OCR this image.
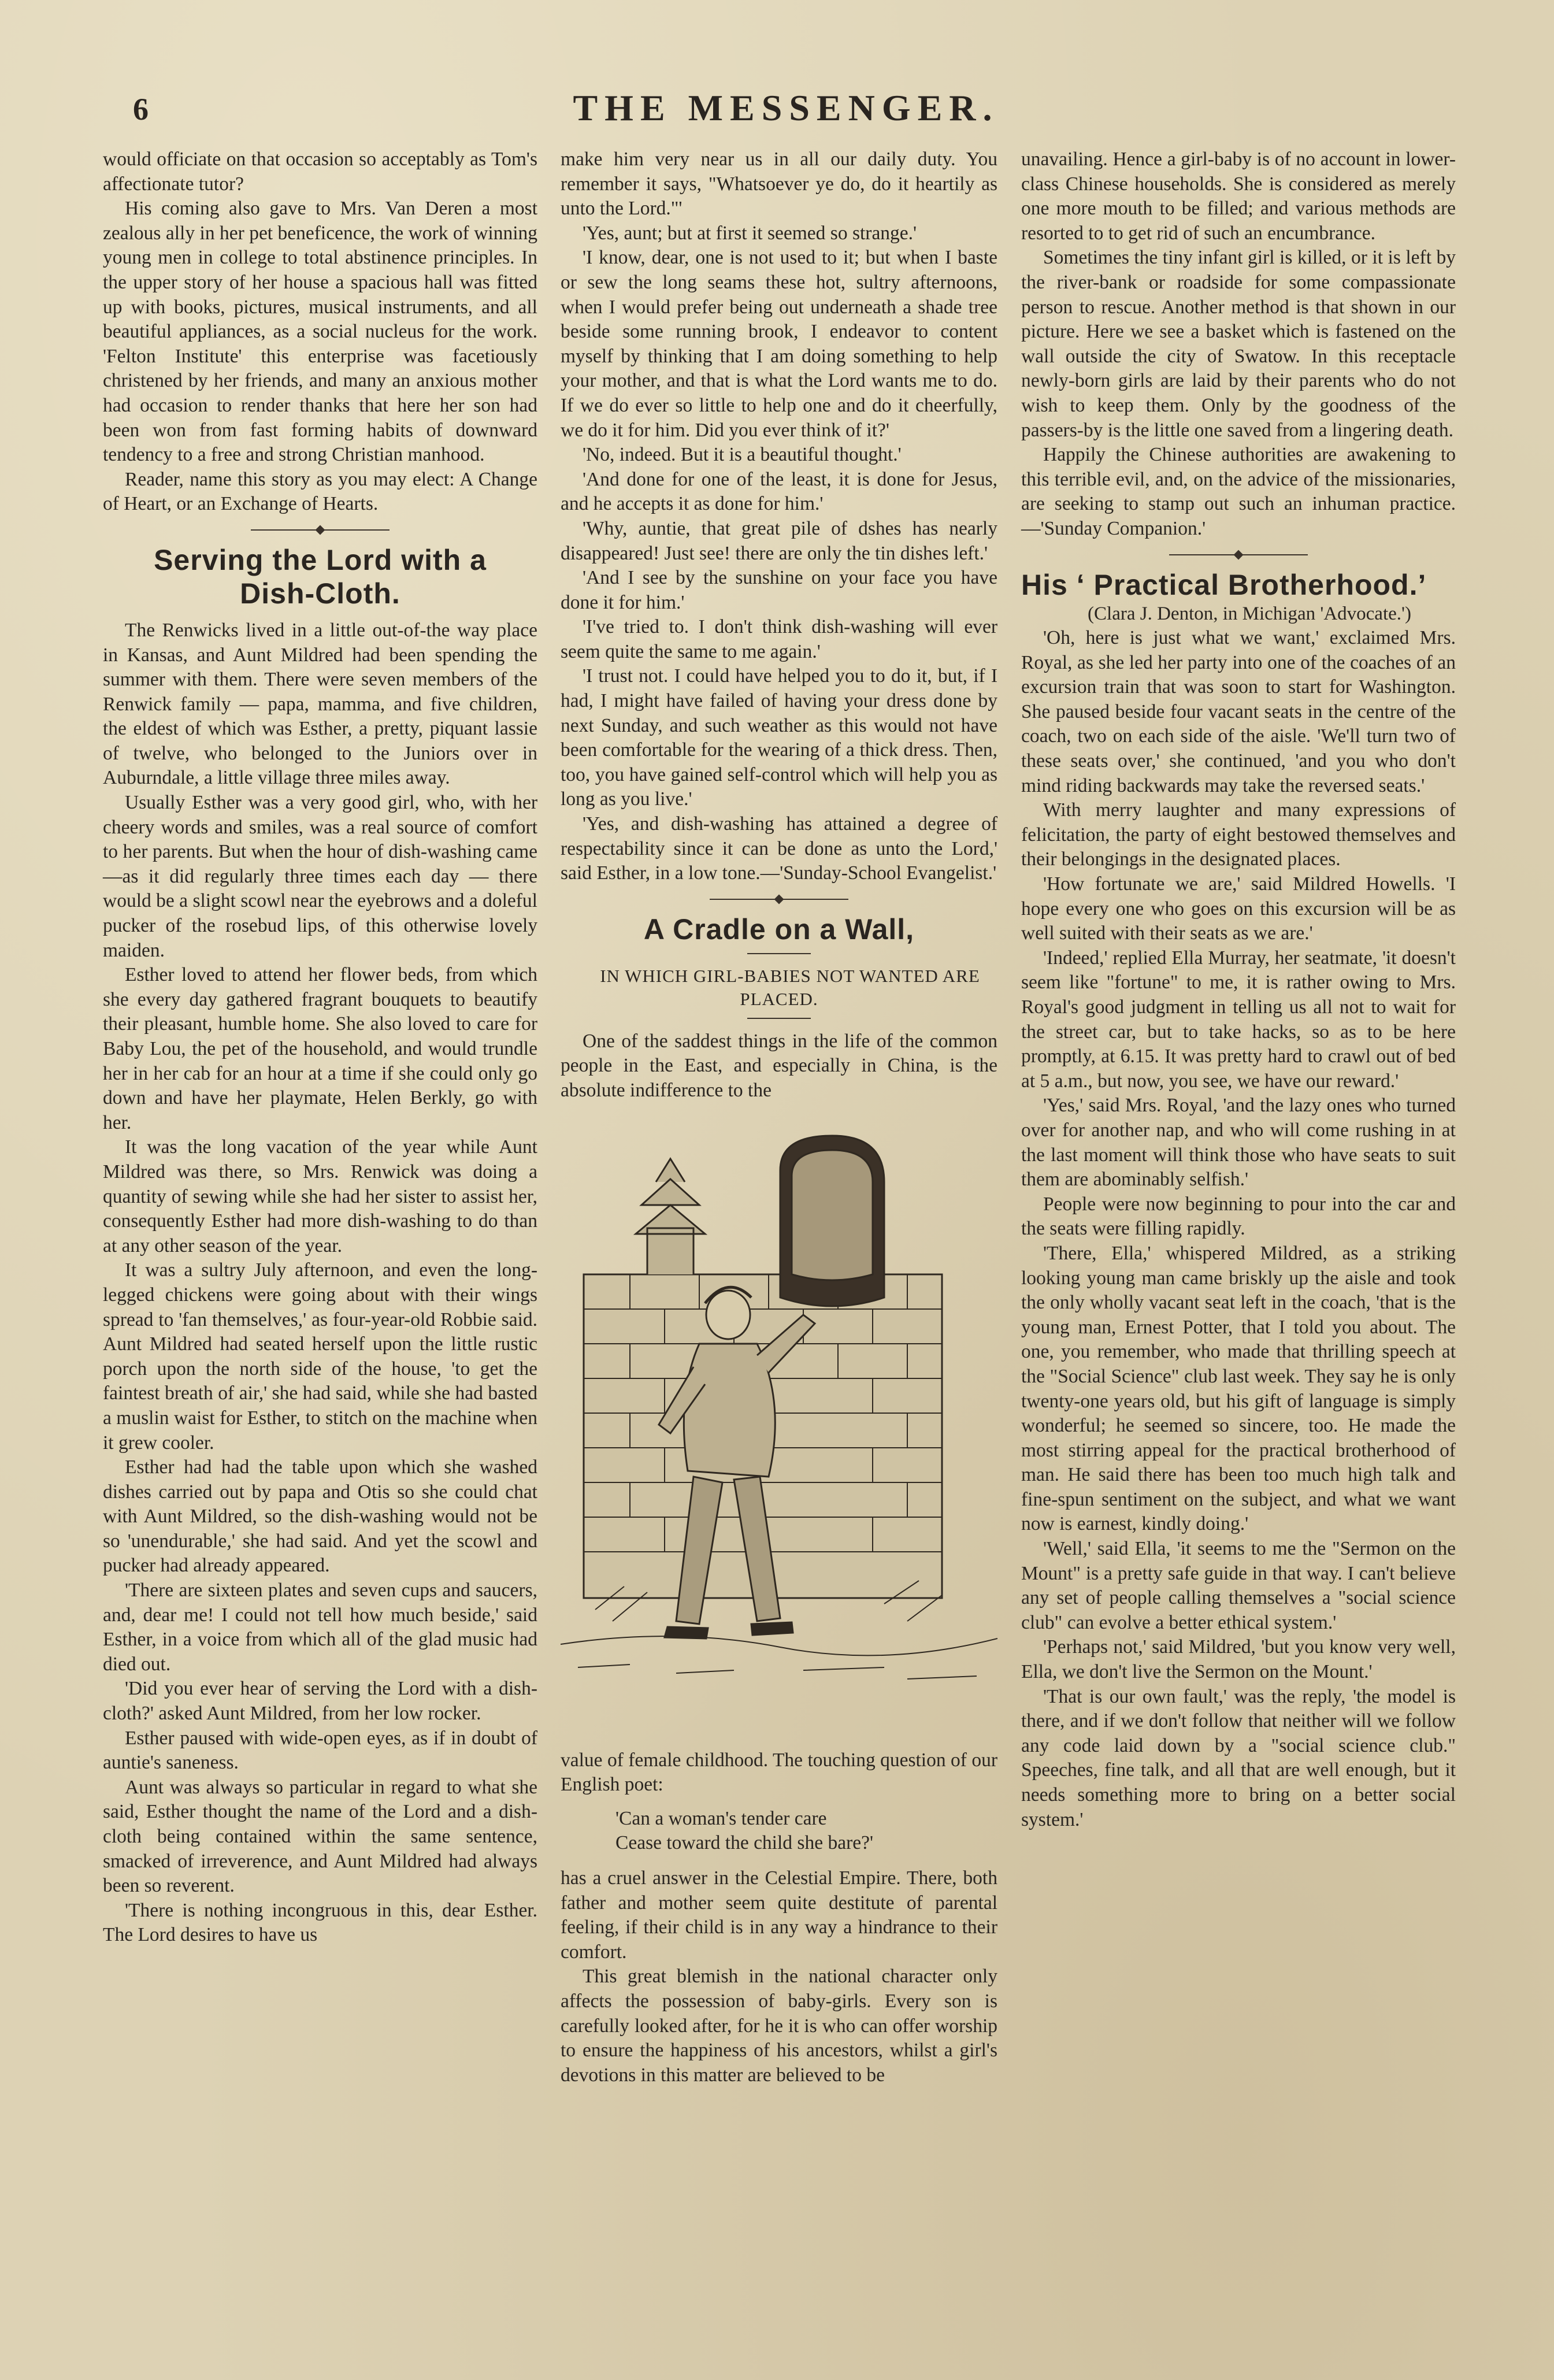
6	THE MESSENGER.

would officiate on that occasion so acceptably as Tom's affectionate tutor?

His coming also gave to Mrs. Van Deren a most zealous ally in her pet beneficence, the work of winning young men in college to total abstinence principles. In the upper story of her house a spacious hall was fitted up with books, pictures, musical instruments, and all beautiful appliances, as a social nucleus for the work. 'Felton Institute' this enterprise was facetiously christened by her friends, and many an anxious mother had occasion to render thanks that here her son had been won from fast forming habits of downward tendency to a free and strong Christian manhood.

Reader, name this story as you may elect: A Change of Heart, or an Exchange of Hearts.

Serving the Lord with a Dish-Cloth.

The Renwicks lived in a little out-of-the way place in Kansas, and Aunt Mildred had been spending the summer with them. There were seven members of the Renwick family — papa, mamma, and five children, the eldest of which was Esther, a pretty, piquant lassie of twelve, who belonged to the Juniors over in Auburndale, a little village three miles away.

Usually Esther was a very good girl, who, with her cheery words and smiles, was a real source of comfort to her parents. But when the hour of dish-washing came—as it did regularly three times each day — there would be a slight scowl near the eyebrows and a doleful pucker of the rosebud lips, of this otherwise lovely maiden.

Esther loved to attend her flower beds, from which she every day gathered fragrant bouquets to beautify their pleasant, humble home. She also loved to care for Baby Lou, the pet of the household, and would trundle her in her cab for an hour at a time if she could only go down and have her playmate, Helen Berkly, go with her.

It was the long vacation of the year while Aunt Mildred was there, so Mrs. Renwick was doing a quantity of sewing while she had her sister to assist her, consequently Esther had more dish-washing to do than at any other season of the year.

It was a sultry July afternoon, and even the long-legged chickens were going about with their wings spread to 'fan themselves,' as four-year-old Robbie said. Aunt Mildred had seated herself upon the little rustic porch upon the north side of the house, 'to get the faintest breath of air,' she had said, while she had basted a muslin waist for Esther, to stitch on the machine when it grew cooler.

Esther had had the table upon which she washed dishes carried out by papa and Otis so she could chat with Aunt Mildred, so the dish-washing would not be so 'unendurable,' she had said. And yet the scowl and pucker had already appeared.

'There are sixteen plates and seven cups and saucers, and, dear me! I could not tell how much beside,' said Esther, in a voice from which all of the glad music had died out.

'Did you ever hear of serving the Lord with a dish-cloth?' asked Aunt Mildred, from her low rocker.

Esther paused with wide-open eyes, as if in doubt of auntie's saneness.

Aunt was always so particular in regard to what she said, Esther thought the name of the Lord and a dish-cloth being contained within the same sentence, smacked of irreverence, and Aunt Mildred had always been so reverent.

'There is nothing incongruous in this, dear Esther. The Lord desires to have us

make him very near us in all our daily duty. You remember it says, "Whatsoever ye do, do it heartily as unto the Lord."'

'Yes, aunt; but at first it seemed so strange.'

'I know, dear, one is not used to it; but when I baste or sew the long seams these hot, sultry afternoons, when I would prefer being out underneath a shade tree beside some running brook, I endeavor to content myself by thinking that I am doing something to help your mother, and that is what the Lord wants me to do. If we do ever so little to help one and do it cheerfully, we do it for him. Did you ever think of it?'

'No, indeed. But it is a beautiful thought.'

'And done for one of the least, it is done for Jesus, and he accepts it as done for him.'

'Why, auntie, that great pile of dshes has nearly disappeared! Just see! there are only the tin dishes left.'

'And I see by the sunshine on your face you have done it for him.'

'I've tried to. I don't think dish-washing will ever seem quite the same to me again.'

'I trust not. I could have helped you to do it, but, if I had, I might have failed of having your dress done by next Sunday, and such weather as this would not have been comfortable for the wearing of a thick dress. Then, too, you have gained self-control which will help you as long as you live.'

'Yes, and dish-washing has attained a degree of respectability since it can be done as unto the Lord,' said Esther, in a low tone.—'Sunday-School Evangelist.'

A Cradle on a Wall,

IN WHICH GIRL-BABIES NOT WANTED ARE PLACED.

One of the saddest things in the life of the common people in the East, and especially in China, is the absolute indifference to the

value of female childhood. The touching question of our English poet:

'Can a woman's tender care

Cease toward the child she bare?'

has a cruel answer in the Celestial Empire. There, both father and mother seem quite destitute of parental feeling, if their child is in any way a hindrance to their comfort.

This great blemish in the national character only affects the possession of baby-girls. Every son is carefully looked after, for he it is who can offer worship to ensure the happiness of his ancestors, whilst a girl's devotions in this matter are believed to be

unavailing. Hence a girl-baby is of no account in lower-class Chinese households. She is considered as merely one more mouth to be filled; and various methods are resorted to to get rid of such an encumbrance.

Sometimes the tiny infant girl is killed, or it is left by the river-bank or roadside for some compassionate person to rescue. Another method is that shown in our picture. Here we see a basket which is fastened on the wall outside the city of Swatow. In this receptacle newly-born girls are laid by their parents who do not wish to keep them. Only by the goodness of the passers-by is the little one saved from a lingering death.

Happily the Chinese authorities are awakening to this terrible evil, and, on the advice of the missionaries, are seeking to stamp out such an inhuman practice.—'Sunday Companion.'

His ‘ Practical Brotherhood.’

(Clara J. Denton, in Michigan 'Advocate.')

'Oh, here is just what we want,' exclaimed Mrs. Royal, as she led her party into one of the coaches of an excursion train that was soon to start for Washington. She paused beside four vacant seats in the centre of the coach, two on each side of the aisle. 'We'll turn two of these seats over,' she continued, 'and you who don't mind riding backwards may take the reversed seats.'

With merry laughter and many expressions of felicitation, the party of eight bestowed themselves and their belongings in the designated places.

'How fortunate we are,' said Mildred Howells. 'I hope every one who goes on this excursion will be as well suited with their seats as we are.'

'Indeed,' replied Ella Murray, her seatmate, 'it doesn't seem like "fortune" to me, it is rather owing to Mrs. Royal's good judgment in telling us all not to wait for the street car, but to take hacks, so as to be here promptly, at 6.15. It was pretty hard to crawl out of bed at 5 a.m., but now, you see, we have our reward.'

'Yes,' said Mrs. Royal, 'and the lazy ones who turned over for another nap, and who will come rushing in at the last moment will think those who have seats to suit them are abominably selfish.'

People were now beginning to pour into the car and the seats were filling rapidly.

'There, Ella,' whispered Mildred, as a striking looking young man came briskly up the aisle and took the only wholly vacant seat left in the coach, 'that is the young man, Ernest Potter, that I told you about. The one, you remember, who made that thrilling speech at the "Social Science" club last week. They say he is only twenty-one years old, but his gift of language is simply wonderful; he seemed so sincere, too. He made the most stirring appeal for the practical brotherhood of man. He said there has been too much high talk and fine-spun sentiment on the subject, and what we want now is earnest, kindly doing.'

'Well,' said Ella, 'it seems to me the "Sermon on the Mount" is a pretty safe guide in that way. I can't believe any set of people calling themselves a "social science club" can evolve a better ethical system.'

'Perhaps not,' said Mildred, 'but you know very well, Ella, we don't live the Sermon on the Mount.'

'That is our own fault,' was the reply, 'the model is there, and if we don't follow that neither will we follow any code laid down by a "social science club." Speeches, fine talk, and all that are well enough, but it needs something more to bring on a better social system.'
